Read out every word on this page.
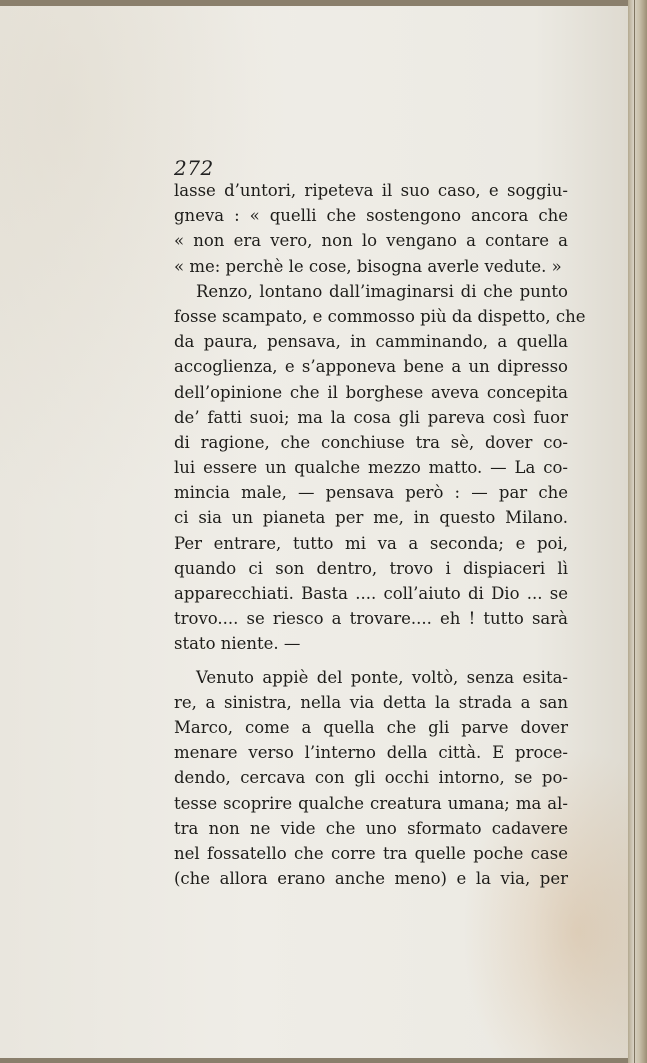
272
lasse d’untori, ripeteva il suo caso, e soggiu-
gneva : « quelli che sostengono ancora che
« non era vero, non lo vengano a contare a
« me: perchè le cose, bisogna averle vedute. »
Renzo, lontano dall’imaginarsi di che punto
fosse scampato, e commosso più da dispetto, che
da paura, pensava, in camminando, a quella
accoglienza, e s’apponeva bene a un dipresso
dell’opinione che il borghese aveva concepita
de’ fatti suoi; ma la cosa gli pareva così fuor
di ragione, che conchiuse tra sè, dover co-
lui essere un qualche mezzo matto. — La co-
mincia male, — pensava però : — par che
ci sia un pianeta per me, in questo Milano.
Per entrare, tutto mi va a seconda; e poi,
quando ci son dentro, trovo i dispiaceri lì
apparecchiati. Basta .... coll’aiuto di Dio ... se
trovo.... se riesco a trovare.... eh ! tutto sarà
stato niente. —
Venuto appiè del ponte, voltò, senza esita-
re, a sinistra, nella via detta la strada a san
Marco, come a quella che gli parve dover
menare verso l’interno della città. E proce-
dendo, cercava con gli occhi intorno, se po-
tesse scoprire qualche creatura umana; ma al-
tra non ne vide che uno sformato cadavere
nel fossatello che corre tra quelle poche case
(che allora erano anche meno) e la via, per
